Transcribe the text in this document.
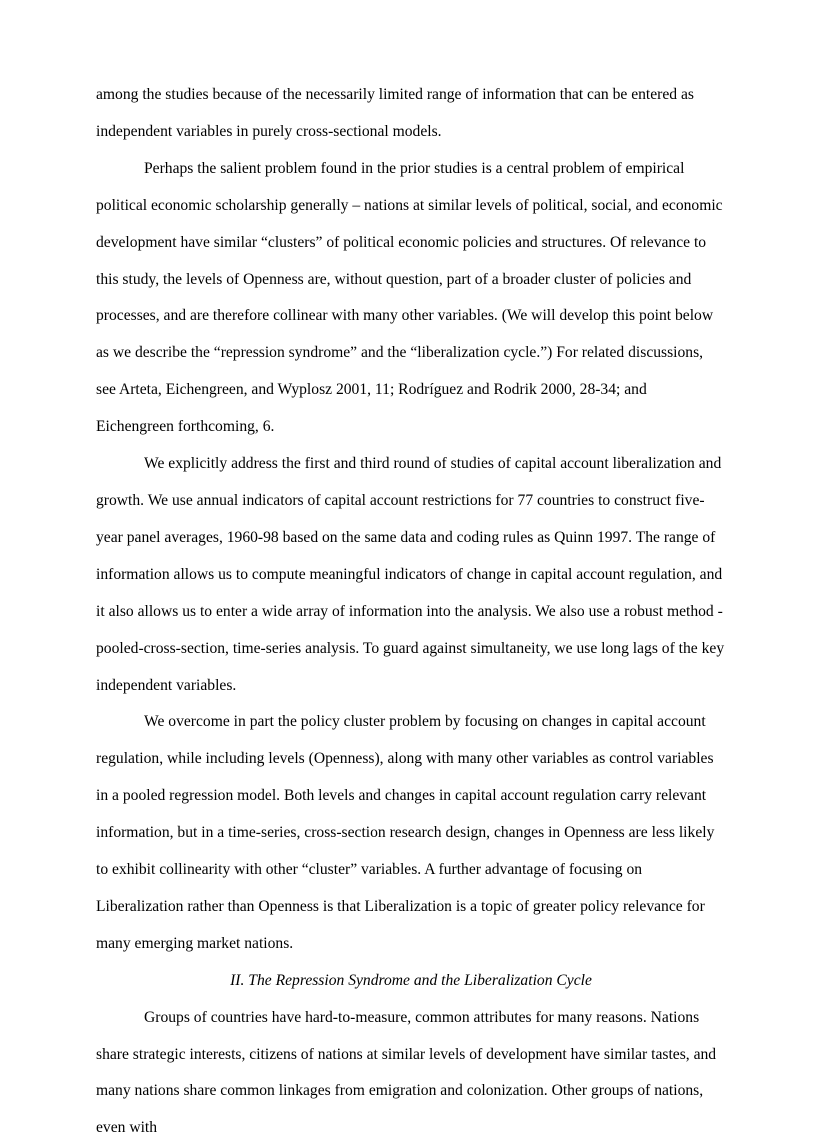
among the studies because of the necessarily limited range of information that can be entered as independent variables in purely cross-sectional models.

Perhaps the salient problem found in the prior studies is a central problem of empirical political economic scholarship generally – nations at similar levels of political, social, and economic development have similar “clusters” of political economic policies and structures. Of relevance to this study, the levels of Openness are, without question, part of a broader cluster of policies and processes, and are therefore collinear with many other variables. (We will develop this point below as we describe the “repression syndrome” and the “liberalization cycle.”) For related discussions, see Arteta, Eichengreen, and Wyplosz 2001, 11; Rodríguez and Rodrik 2000, 28-34; and Eichengreen forthcoming, 6.

We explicitly address the first and third round of studies of capital account liberalization and growth. We use annual indicators of capital account restrictions for 77 countries to construct five-year panel averages, 1960-98 based on the same data and coding rules as Quinn 1997. The range of information allows us to compute meaningful indicators of change in capital account regulation, and it also allows us to enter a wide array of information into the analysis. We also use a robust method - pooled-cross-section, time-series analysis. To guard against simultaneity, we use long lags of the key independent variables.

We overcome in part the policy cluster problem by focusing on changes in capital account regulation, while including levels (Openness), along with many other variables as control variables in a pooled regression model. Both levels and changes in capital account regulation carry relevant information, but in a time-series, cross-section research design, changes in Openness are less likely to exhibit collinearity with other “cluster” variables. A further advantage of focusing on Liberalization rather than Openness is that Liberalization is a topic of greater policy relevance for many emerging market nations.

II. The Repression Syndrome and the Liberalization Cycle

Groups of countries have hard-to-measure, common attributes for many reasons. Nations share strategic interests, citizens of nations at similar levels of development have similar tastes, and many nations share common linkages from emigration and colonization. Other groups of nations, even with
